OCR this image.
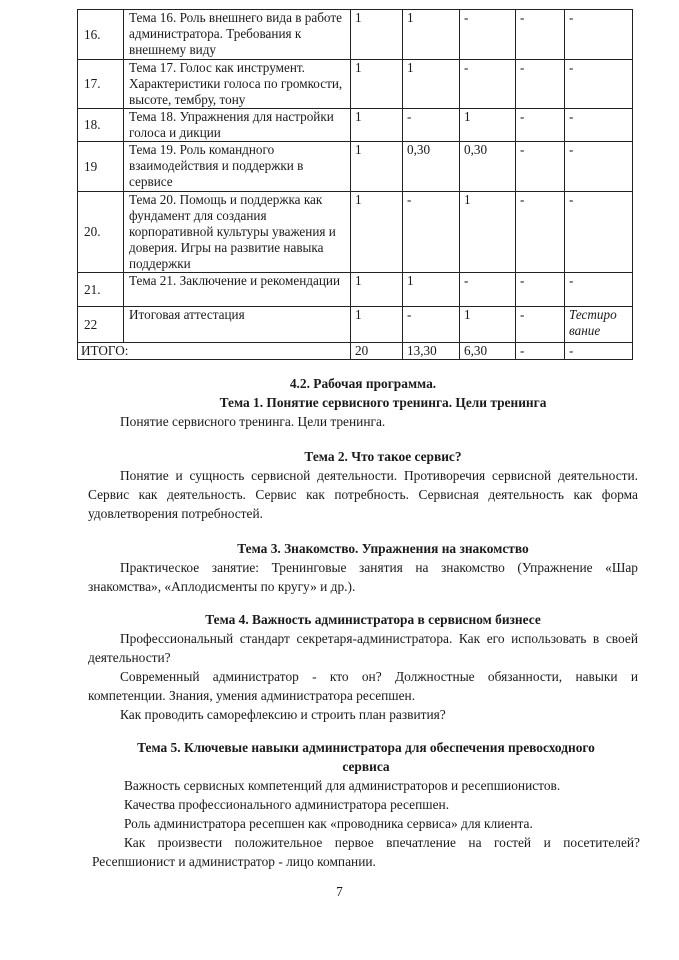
16.	Тема 16. Роль внешнего вида в работе администратора. Требования к внешнему виду	1	1	-	-	-
17.	Тема 17. Голос как инструмент. Характеристики голоса по громкости, высоте, тембру, тону	1	1	-	-	-
18.	Тема 18. Упражнения для настройки голоса и дикции	1	-	1	-	-
19	Тема 19. Роль командного взаимодействия и поддержки в сервисе	1	0,30	0,30	-	-
20.	Тема 20. Помощь и поддержка как фундамент для создания корпоративной культуры уважения и доверия. Игры на развитие навыка поддержки	1	-	1	-	-
21.	Тема 21. Заключение и рекомендации	1	1	-	-	-
22	Итоговая аттестация	1	-	1	-	Тестиро вание
ИТОГО:		20	13,30	6,30	-	-

4.2. Рабочая программа.

Тема 1. Понятие сервисного тренинга. Цели тренинга

Понятие сервисного тренинга. Цели тренинга.

Тема 2. Что такое сервис?

Понятие и сущность сервисной деятельности. Противоречия сервисной деятельности. Сервис как деятельность. Сервис как потребность. Сервисная деятельность как форма удовлетворения потребностей.

Тема 3. Знакомство. Упражнения на знакомство

Практическое занятие: Тренинговые занятия на знакомство (Упражнение «Шар знакомства», «Аплодисменты по кругу» и др.).

Тема 4. Важность администратора в сервисном бизнесе

Профессиональный стандарт секретаря-администратора. Как его использовать в своей деятельности?

Современный администратор - кто он? Должностные обязанности, навыки и компетенции. Знания, умения администратора ресепшен.

Как проводить саморефлексию и строить план развития?

Тема 5. Ключевые навыки администратора для обеспечения превосходного сервиса

Важность сервисных компетенций для администраторов и ресепшионистов.

Качества профессионального администратора ресепшен.

Роль администратора ресепшен как «проводника сервиса» для клиента.

Как произвести положительное первое впечатление на гостей и посетителей? Ресепшионист и администратор - лицо компании.

7
